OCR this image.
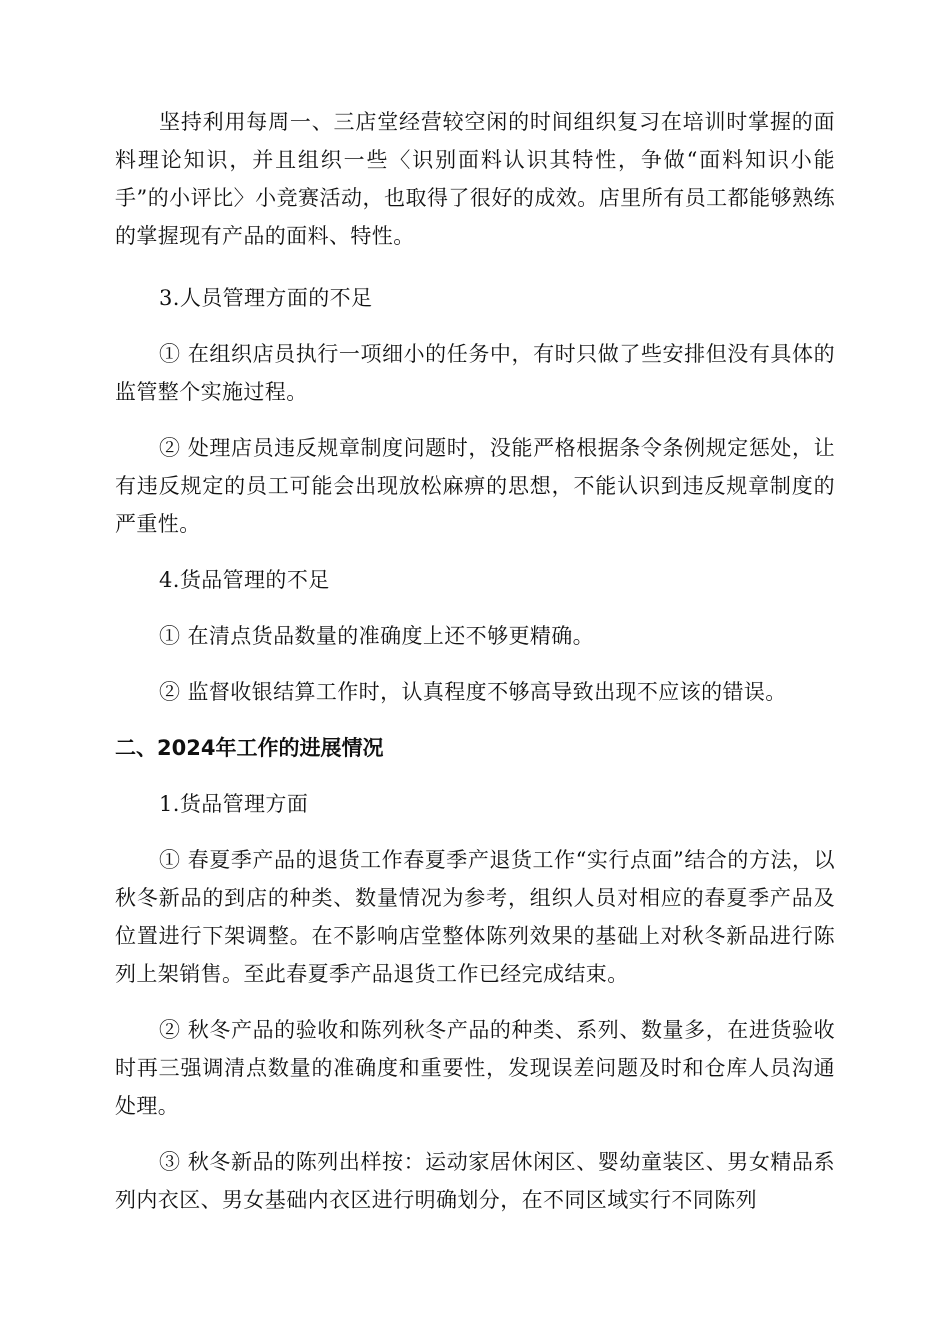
坚持利用每周一、三店堂经营较空闲的时间组织复习在培训时掌握的面料理论知识，并且组织一些〈识别面料认识其特性，争做“面料知识小能手”的小评比〉小竞赛活动，也取得了很好的成效。店里所有员工都能够熟练的掌握现有产品的面料、特性。

3.人员管理方面的不足

① 在组织店员执行一项细小的任务中，有时只做了些安排但没有具体的监管整个实施过程。

② 处理店员违反规章制度问题时，没能严格根据条令条例规定惩处，让有违反规定的员工可能会出现放松麻痹的思想，不能认识到违反规章制度的严重性。

4.货品管理的不足

① 在清点货品数量的准确度上还不够更精确。

② 监督收银结算工作时，认真程度不够高导致出现不应该的错误。

二、2024年工作的进展情况

1.货品管理方面

① 春夏季产品的退货工作春夏季产退货工作“实行点面”结合的方法，以秋冬新品的到店的种类、数量情况为参考，组织人员对相应的春夏季产品及位置进行下架调整。在不影响店堂整体陈列效果的基础上对秋冬新品进行陈列上架销售。至此春夏季产品退货工作已经完成结束。

② 秋冬产品的验收和陈列秋冬产品的种类、系列、数量多，在进货验收时再三强调清点数量的准确度和重要性，发现误差问题及时和仓库人员沟通处理。

③ 秋冬新品的陈列出样按：运动家居休闲区、婴幼童装区、男女精品系列内衣区、男女基础内衣区进行明确划分，在不同区域实行不同陈列
